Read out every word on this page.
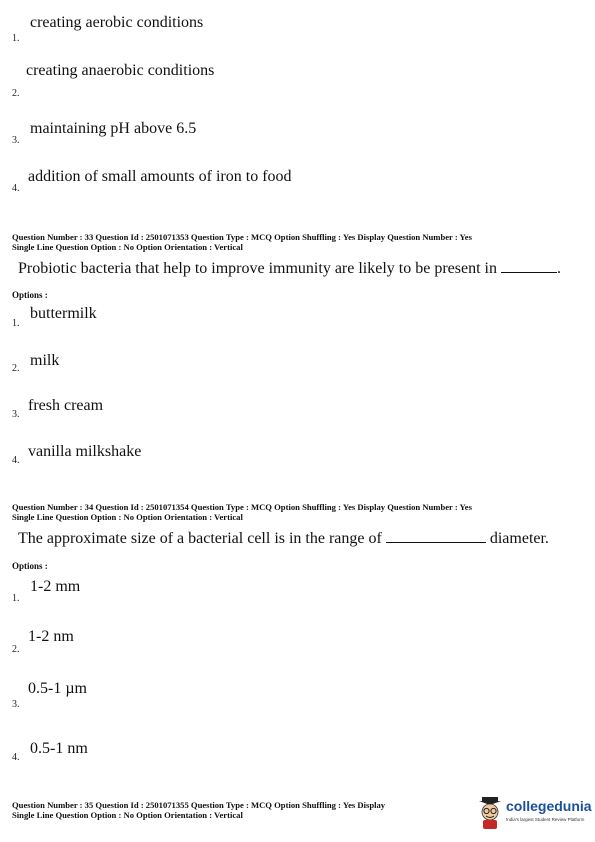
creating aerobic conditions
1.
creating anaerobic conditions
2.
maintaining pH above 6.5
3.
addition of small amounts of iron to food
4.
Question Number : 33 Question Id : 2501071353 Question Type : MCQ Option Shuffling : Yes Display Question Number : Yes
Single Line Question Option : No Option Orientation : Vertical
Probiotic bacteria that help to improve immunity are likely to be present in	.
Options :
buttermilk
1.
milk
2.
fresh cream
3.
vanilla milkshake
4.
Question Number : 34 Question Id : 2501071354 Question Type : MCQ Option Shuffling : Yes Display Question Number : Yes
Single Line Question Option : No Option Orientation : Vertical
The approximate size of a bacterial cell is in the range of	diameter.
Options :
1-2 mm
1.
1-2 nm
2.
0.5-1 µm
3.
0.5-1 nm
4.
Question Number : 35 Question Id : 2501071355 Question Type : MCQ Option Shuffling : Yes Display
Single Line Question Option : No Option Orientation : Vertical
collegedunia
India's largest Student Review Platform
